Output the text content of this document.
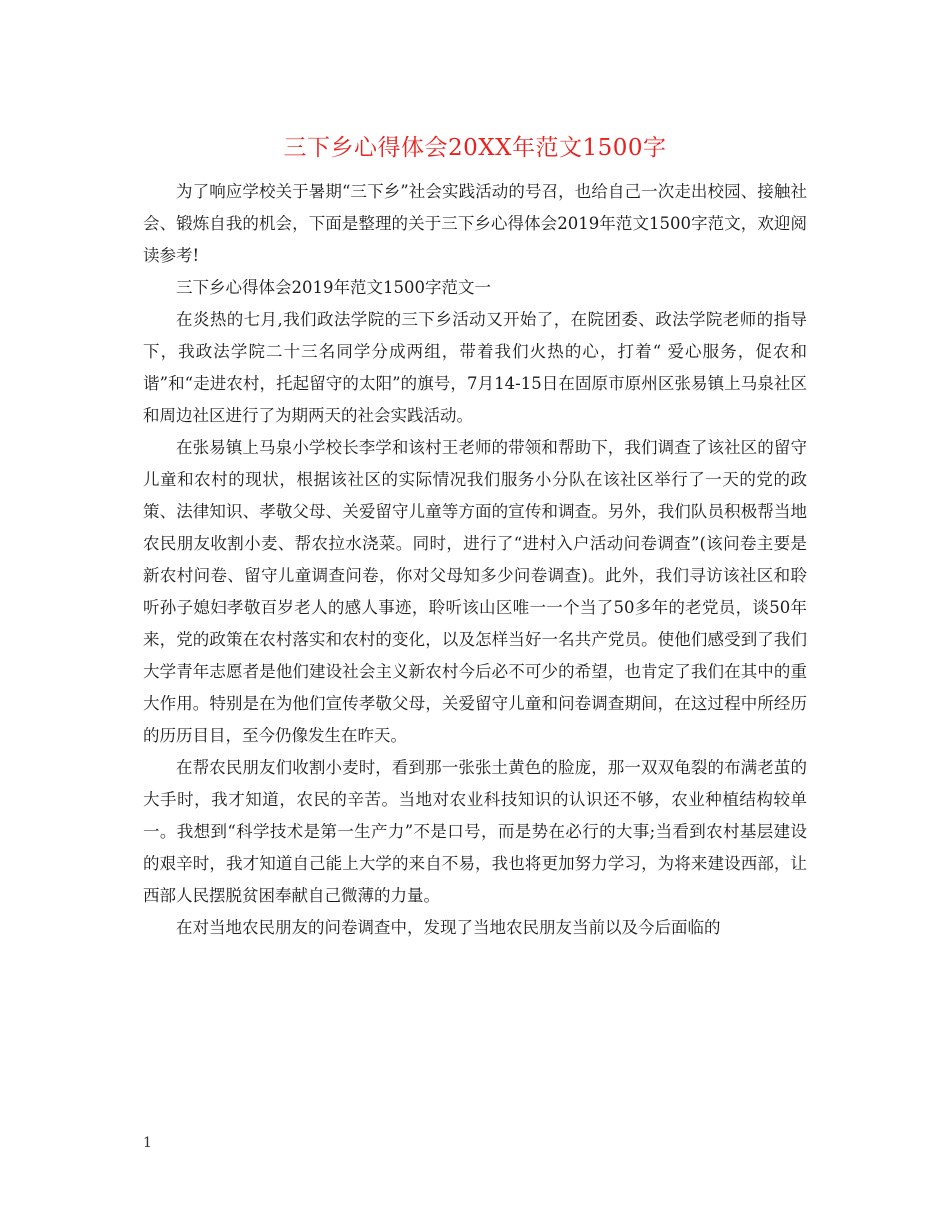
三下乡心得体会20XX年范文1500字

为了响应学校关于暑期“三下乡”社会实践活动的号召，也给自己一次走出校园、接触社会、锻炼自我的机会，下面是整理的关于三下乡心得体会2019年范文1500字范文，欢迎阅读参考!

三下乡心得体会2019年范文1500字范文一

在炎热的七月,我们政法学院的三下乡活动又开始了，在院团委、政法学院老师的指导下，我政法学院二十三名同学分成两组，带着我们火热的心，打着“ 爱心服务，促农和谐”和“走进农村，托起留守的太阳”的旗号，7月14-15日在固原市原州区张易镇上马泉社区和周边社区进行了为期两天的社会实践活动。

在张易镇上马泉小学校长李学和该村王老师的带领和帮助下，我们调查了该社区的留守儿童和农村的现状，根据该社区的实际情况我们服务小分队在该社区举行了一天的党的政策、法律知识、孝敬父母、关爱留守儿童等方面的宣传和调查。另外，我们队员积极帮当地农民朋友收割小麦、帮农拉水浇菜。同时，进行了“进村入户活动问卷调查”(该问卷主要是新农村问卷、留守儿童调查问卷，你对父母知多少问卷调查)。此外，我们寻访该社区和聆听孙子媳妇孝敬百岁老人的感人事迹，聆听该山区唯一一个当了50多年的老党员，谈50年来，党的政策在农村落实和农村的变化，以及怎样当好一名共产党员。使他们感受到了我们大学青年志愿者是他们建设社会主义新农村今后必不可少的希望，也肯定了我们在其中的重大作用。特别是在为他们宣传孝敬父母，关爱留守儿童和问卷调查期间，在这过程中所经历的历历目目，至今仍像发生在昨天。

在帮农民朋友们收割小麦时，看到那一张张土黄色的脸庞，那一双双龟裂的布满老茧的大手时，我才知道，农民的辛苦。当地对农业科技知识的认识还不够，农业种植结构较单一。我想到“科学技术是第一生产力”不是口号，而是势在必行的大事;当看到农村基层建设的艰辛时，我才知道自己能上大学的来自不易，我也将更加努力学习，为将来建设西部，让西部人民摆脱贫困奉献自己微薄的力量。

在对当地农民朋友的问卷调查中，发现了当地农民朋友当前以及今后面临的

1
